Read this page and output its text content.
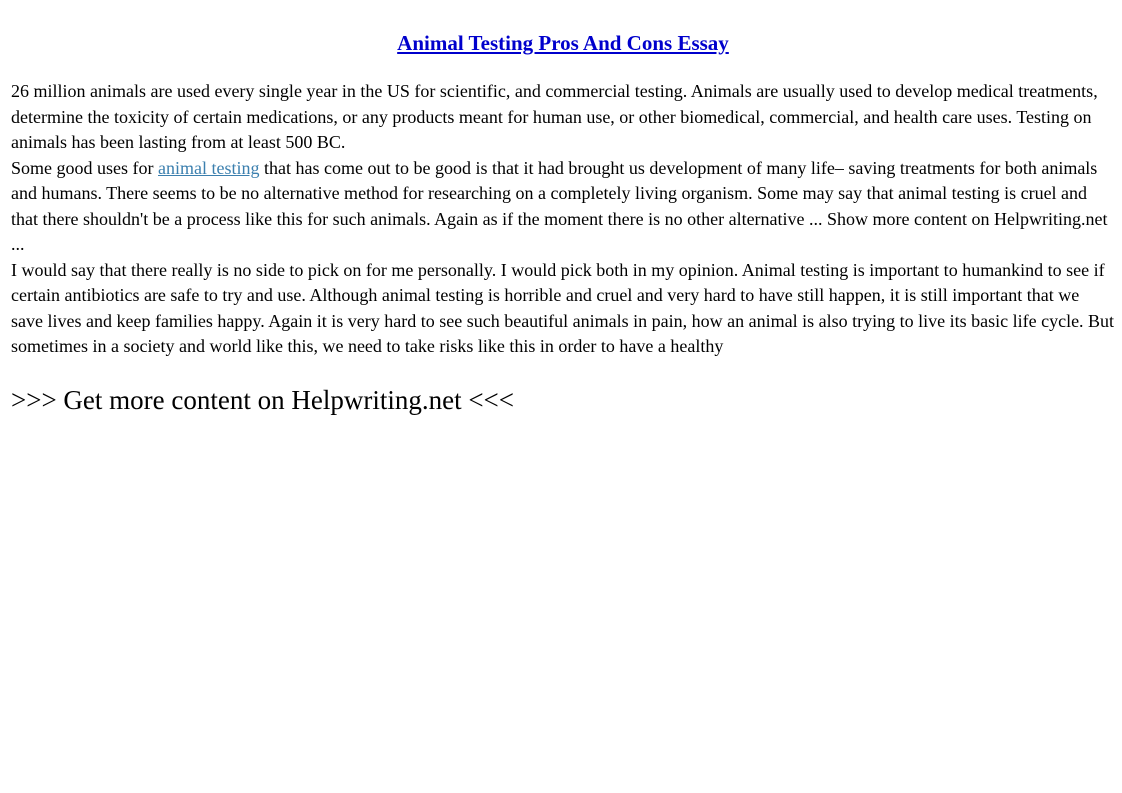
Animal Testing Pros And Cons Essay
26 million animals are used every single year in the US for scientific, and commercial testing. Animals are usually used to develop medical treatments, determine the toxicity of certain medications, or any products meant for human use, or other biomedical, commercial, and health care uses. Testing on animals has been lasting from at least 500 BC.
Some good uses for animal testing that has come out to be good is that it had brought us development of many life– saving treatments for both animals and humans. There seems to be no alternative method for researching on a completely living organism. Some may say that animal testing is cruel and that there shouldn't be a process like this for such animals. Again as if the moment there is no other alternative ... Show more content on Helpwriting.net ...
I would say that there really is no side to pick on for me personally. I would pick both in my opinion. Animal testing is important to humankind to see if certain antibiotics are safe to try and use. Although animal testing is horrible and cruel and very hard to have still happen, it is still important that we save lives and keep families happy. Again it is very hard to see such beautiful animals in pain, how an animal is also trying to live its basic life cycle. But sometimes in a society and world like this, we need to take risks like this in order to have a healthy
>>> Get more content on Helpwriting.net <<<
